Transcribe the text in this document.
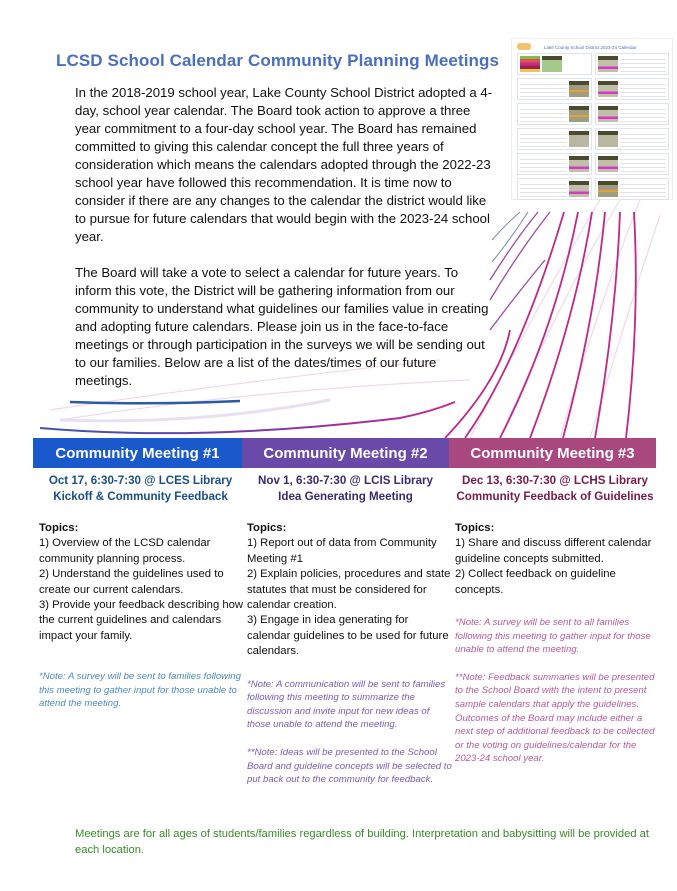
LCSD School Calendar Community Planning Meetings

In the 2018-2019 school year, Lake County School District adopted a 4-day, school year calendar. The Board took action to approve a three year commitment to a four-day school year. The Board has remained committed to giving this calendar concept the full three years of consideration which means the calendars adopted through the 2022-23 school year have followed this recommendation. It is time now to consider if there are any changes to the calendar the district would like to pursue for future calendars that would begin with the 2023-24 school year.

The Board will take a vote to select a calendar for future years. To inform this vote, the District will be gathering information from our community to understand what guidelines our families value in creating and adopting future calendars. Please join us in the face-to-face meetings or through participation in the surveys we will be sending out to our families. Below are a list of the dates/times of our future meetings.

Lake County School District 2023-24 Calendar
Community Meeting #1	Community Meeting #2	Community Meeting #3
Oct 17, 6:30-7:30 @ LCES Library
Kickoff & Community Feedback
Topics:
1) Overview of the LCSD calendar community planning process.
2) Understand the guidelines used to create our current calendars.
3) Provide your feedback describing how the current guidelines and calendars impact your family.
*Note: A survey will be sent to families following this meeting to gather input for those unable to attend the meeting.
Nov 1, 6:30-7:30 @ LCIS Library
Idea Generating Meeting
Topics:
1) Report out of data from Community Meeting #1
2) Explain policies, procedures and state statutes that must be considered for calendar creation.
3) Engage in idea generating for calendar guidelines to be used for future calendars.
*Note: A communication will be sent to families following this meeting to summarize the discussion and invite input for new ideas of those unable to attend the meeting.
**Note: Ideas will be presented to the School Board and guideline concepts will be selected to put back out to the community for feedback.
Dec 13, 6:30-7:30 @ LCHS Library
Community Feedback of Guidelines
Topics:
1) Share and discuss different calendar guideline concepts submitted.
2) Collect feedback on guideline concepts.
*Note: A survey will be sent to all families following this meeting to gather input for those unable to attend the meeting.
**Note: Feedback summaries will be presented to the School Board with the intent to present sample calendars that apply the guidelines. Outcomes of the Board may include either a next step of additional feedback to be collected or the voting on guidelines/calendar for the 2023-24 school year.
Meetings are for all ages of students/families regardless of building. Interpretation and babysitting will be provided at each location.
